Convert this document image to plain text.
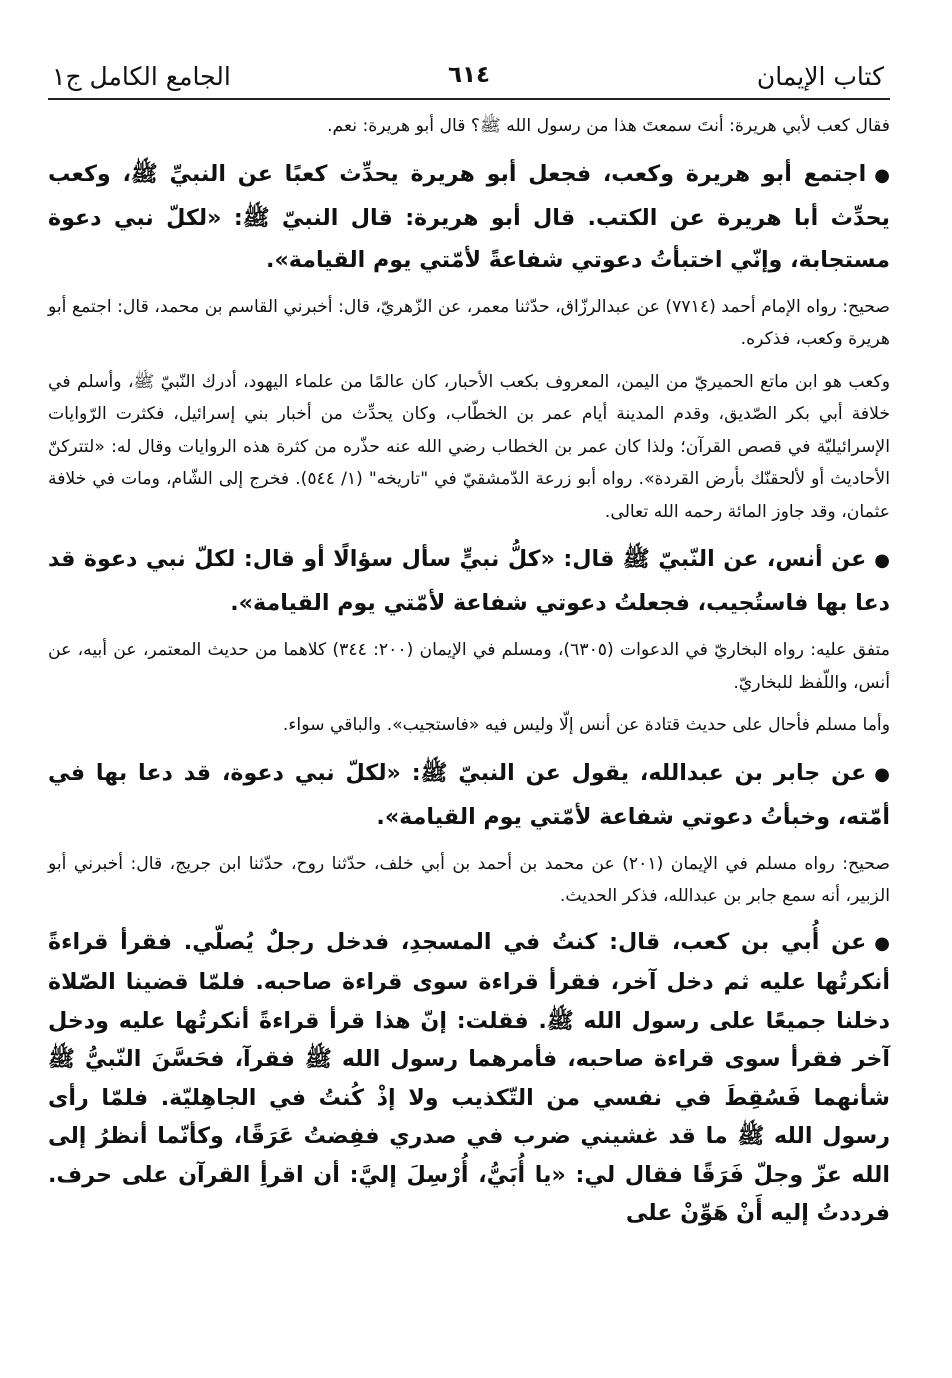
كتاب الإيمان
٦١٤
الجامع الكامل ج١

فقال كعب لأبي هريرة: أنتَ سمعتَ هذا من رسول الله ﷺ؟ قال أبو هريرة: نعم.

●اجتمع أبو هريرة وكعب، فجعل أبو هريرة يحدِّث كعبًا عن النبيِّ ﷺ، وكعب يحدِّث أبا هريرة عن الكتب. قال أبو هريرة: قال النبيّ ﷺ: «لكلّ نبي دعوة مستجابة، وإنّي اختبأتُ دعوتي شفاعةً لأمّتي يوم القيامة».

صحيح: رواه الإمام أحمد (٧٧١٤) عن عبدالرزّاق، حدّثنا معمر، عن الزّهريّ، قال: أخبرني القاسم بن محمد، قال: اجتمع أبو هريرة وكعب، فذكره.

وكعب هو ابن ماتع الحميريّ من اليمن، المعروف بكعب الأحبار، كان عالمًا من علماء اليهود، أدرك النّبيّ ﷺ، وأسلم في خلافة أبي بكر الصّديق، وقدم المدينة أيام عمر بن الخطّاب، وكان يحدِّث من أخبار بني إسرائيل، فكثرت الرّوايات الإسرائيليّة في قصص القرآن؛ ولذا كان عمر بن الخطاب رضي الله عنه حذّره من كثرة هذه الروايات وقال له: «لتتركنّ الأحاديث أو لألحقنّك بأرض القردة». رواه أبو زرعة الدّمشقيّ في "تاريخه" (١/ ٥٤٤). فخرج إلى الشّام، ومات في خلافة عثمان، وقد جاوز المائة رحمه الله تعالى.

●عن أنس، عن النّبيّ ﷺ قال: «كلُّ نبيٍّ سأل سؤالًا أو قال: لكلّ نبي دعوة قد دعا بها فاستُجيب، فجعلتُ دعوتي شفاعة لأمّتي يوم القيامة».

متفق عليه: رواه البخاريّ في الدعوات (٦٣٠٥)، ومسلم في الإيمان (٢٠٠: ٣٤٤) كلاهما من حديث المعتمر، عن أبيه، عن أنس، واللّفظ للبخاريّ.

وأما مسلم فأحال على حديث قتادة عن أنس إلّا وليس فيه «فاستجيب». والباقي سواء.

●عن جابر بن عبدالله، يقول عن النبيّ ﷺ: «لكلّ نبي دعوة، قد دعا بها في أمّته، وخبأتُ دعوتي شفاعة لأمّتي يوم القيامة».

صحيح: رواه مسلم في الإيمان (٢٠١) عن محمد بن أحمد بن أبي خلف، حدّثنا روح، حدّثنا ابن جريج، قال: أخبرني أبو الزبير، أنه سمع جابر بن عبدالله، فذكر الحديث.

●عن أُبي بن كعب، قال: كنتُ في المسجدِ، فدخل رجلٌ يُصلّي. فقرأ قراءةً أنكرتُها عليه ثم دخل آخر، فقرأ قراءة سوى قراءة صاحبه. فلمّا قضينا الصّلاة دخلنا جميعًا على رسول الله ﷺ. فقلت: إنّ هذا قرأ قراءةً أنكرتُها عليه ودخل آخر فقرأ سوى قراءة صاحبه، فأمرهما رسول الله ﷺ فقرآ، فحَسَّنَ النّبيُّ ﷺ شأنهما فَسُقِطَ في نفسي من التّكذيب ولا إذْ كُنتُ في الجاهِليّة. فلمّا رأى رسول الله ﷺ ما قد غشيني ضرب في صدري ففِضتُ عَرَقًا، وكأنّما أنظرُ إلى الله عزّ وجلّ فَرَقًا فقال لي: «يا أُبَيُّ، أُرْسِلَ إليَّ: أن اقرأِ القرآن على حرف. فرددتُ إليه أَنْ هَوِّنْ على
